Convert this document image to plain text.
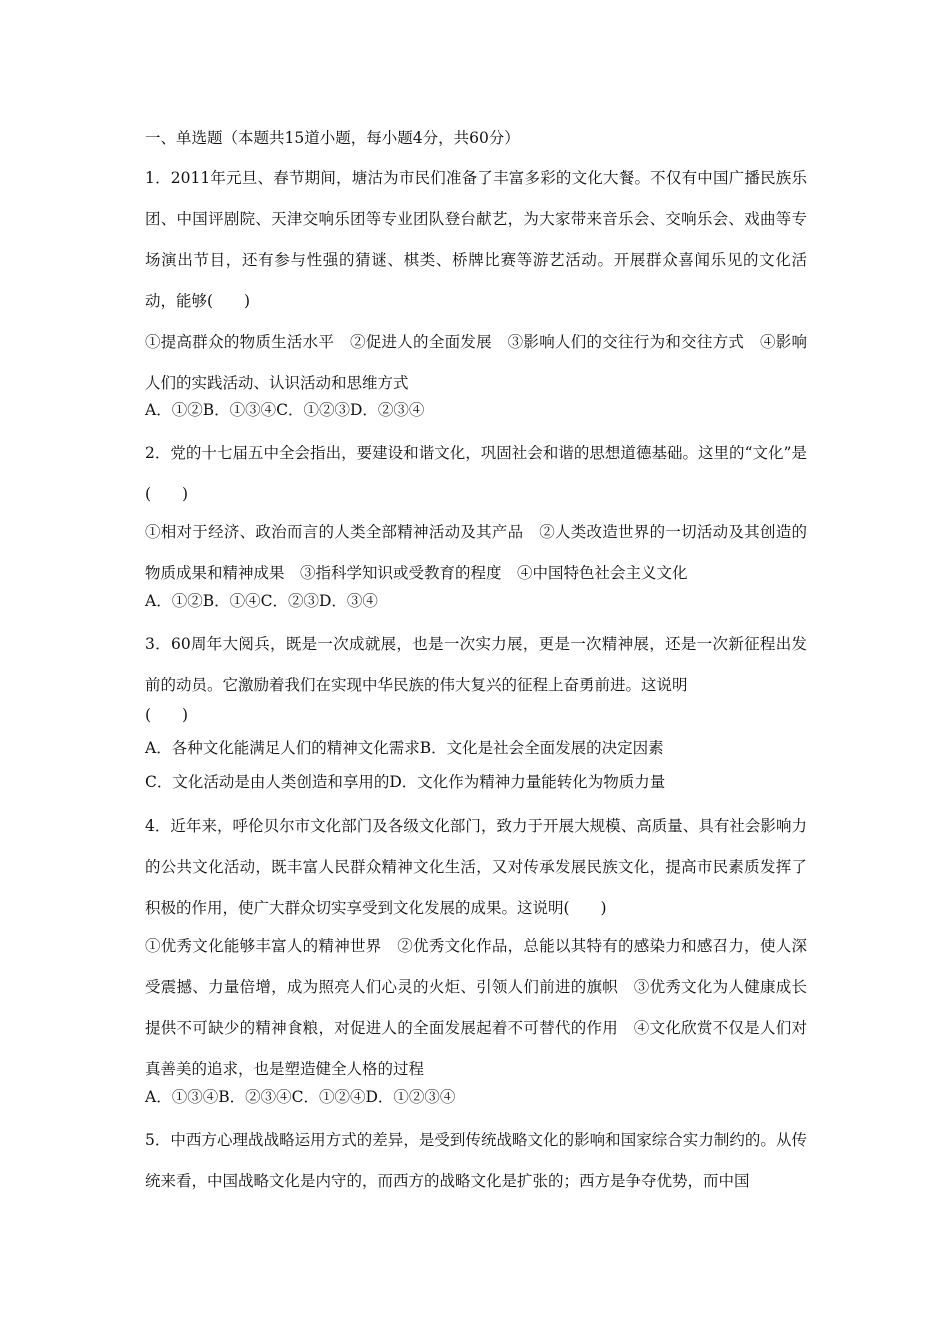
一、单选题（本题共15道小题，每小题4分，共60分）

1．2011年元旦、春节期间，塘沽为市民们准备了丰富多彩的文化大餐。不仅有中国广播民族乐团、中国评剧院、天津交响乐团等专业团队登台献艺，为大家带来音乐会、交响乐会、戏曲等专场演出节目，还有参与性强的猜谜、棋类、桥牌比赛等游艺活动。开展群众喜闻乐见的文化活动，能够(　　)

①提高群众的物质生活水平　②促进人的全面发展　③影响人们的交往行为和交往方式　④影响人们的实践活动、认识活动和思维方式

A．①②B．①③④C．①②③D．②③④

2．党的十七届五中全会指出，要建设和谐文化，巩固社会和谐的思想道德基础。这里的“文化”是(　　)

①相对于经济、政治而言的人类全部精神活动及其产品　②人类改造世界的一切活动及其创造的物质成果和精神成果　③指科学知识或受教育的程度　④中国特色社会主义文化

A．①②B．①④C．②③D．③④

3．60周年大阅兵，既是一次成就展，也是一次实力展，更是一次精神展，还是一次新征程出发前的动员。它激励着我们在实现中华民族的伟大复兴的征程上奋勇前进。这说明

(　　)
A．各种文化能满足人们的精神文化需求B．文化是社会全面发展的决定因素
C．文化活动是由人类创造和享用的D．文化作为精神力量能转化为物质力量

4．近年来，呼伦贝尔市文化部门及各级文化部门，致力于开展大规模、高质量、具有社会影响力的公共文化活动，既丰富人民群众精神文化生活，又对传承发展民族文化，提高市民素质发挥了积极的作用，使广大群众切实享受到文化发展的成果。这说明(　　)

①优秀文化能够丰富人的精神世界　②优秀文化作品，总能以其特有的感染力和感召力，使人深受震撼、力量倍增，成为照亮人们心灵的火炬、引领人们前进的旗帜　③优秀文化为人健康成长提供不可缺少的精神食粮，对促进人的全面发展起着不可替代的作用　④文化欣赏不仅是人们对真善美的追求，也是塑造健全人格的过程

A．①③④B．②③④C．①②④D．①②③④

5．中西方心理战战略运用方式的差异，是受到传统战略文化的影响和国家综合实力制约的。从传统来看，中国战略文化是内守的，而西方的战略文化是扩张的；西方是争夺优势，而中国
